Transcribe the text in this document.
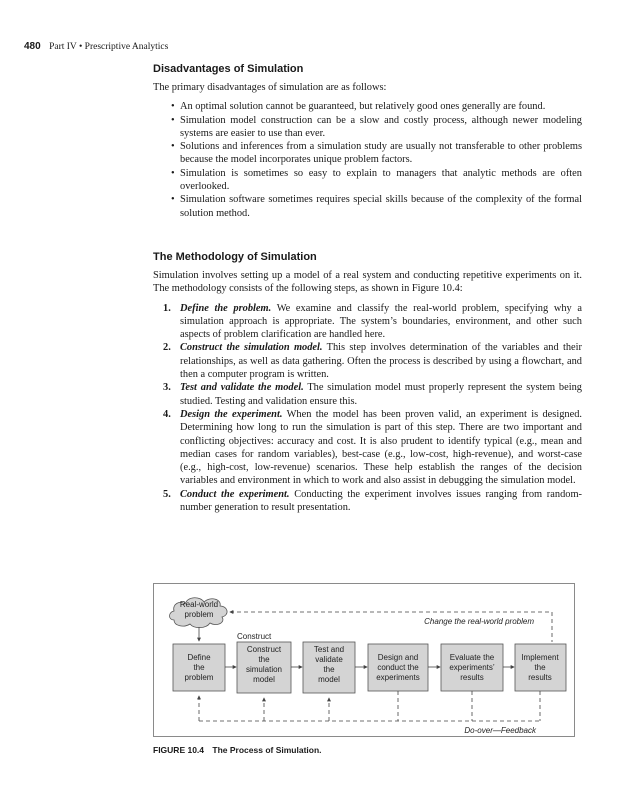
480 Part IV • Prescriptive Analytics
Disadvantages of Simulation

The primary disadvantages of simulation are as follows:

• An optimal solution cannot be guaranteed, but relatively good ones generally are found.
• Simulation model construction can be a slow and costly process, although newer modeling systems are easier to use than ever.
• Solutions and inferences from a simulation study are usually not transferable to other problems because the model incorporates unique problem factors.
• Simulation is sometimes so easy to explain to managers that analytic methods are often overlooked.
• Simulation software sometimes requires special skills because of the complexity of the formal solution method.
The Methodology of Simulation

Simulation involves setting up a model of a real system and conducting repetitive experiments on it. The methodology consists of the following steps, as shown in Figure 10.4:

1. Define the problem. We examine and classify the real-world problem, specifying why a simulation approach is appropriate. The system’s boundaries, environment, and other such aspects of problem clarification are handled here.
2. Construct the simulation model. This step involves determination of the variables and their relationships, as well as data gathering. Often the process is described by using a flowchart, and then a computer program is written.
3. Test and validate the model. The simulation model must properly represent the system being studied. Testing and validation ensure this.
4. Design the experiment. When the model has been proven valid, an experiment is designed. Determining how long to run the simulation is part of this step. There are two important and conflicting objectives: accuracy and cost. It is also prudent to identify typical (e.g., mean and median cases for random variables), best-case (e.g., low-cost, high-revenue), and worst-case (e.g., high-cost, low-revenue) scenarios. These help establish the ranges of the decision variables and environment in which to work and also assist in debugging the simulation model.
5. Conduct the experiment. Conducting the experiment involves issues ranging from random-number generation to result presentation.
Real-world
problem
Change the real-world problem
Construct
Define
the
problem
Construct
the
simulation
model
Test and
validate
the
model
Design and
conduct the
experiments
Evaluate the
experiments’
results
Implement
the
results
Do-over—Feedback
FIGURE 10.4 The Process of Simulation.
